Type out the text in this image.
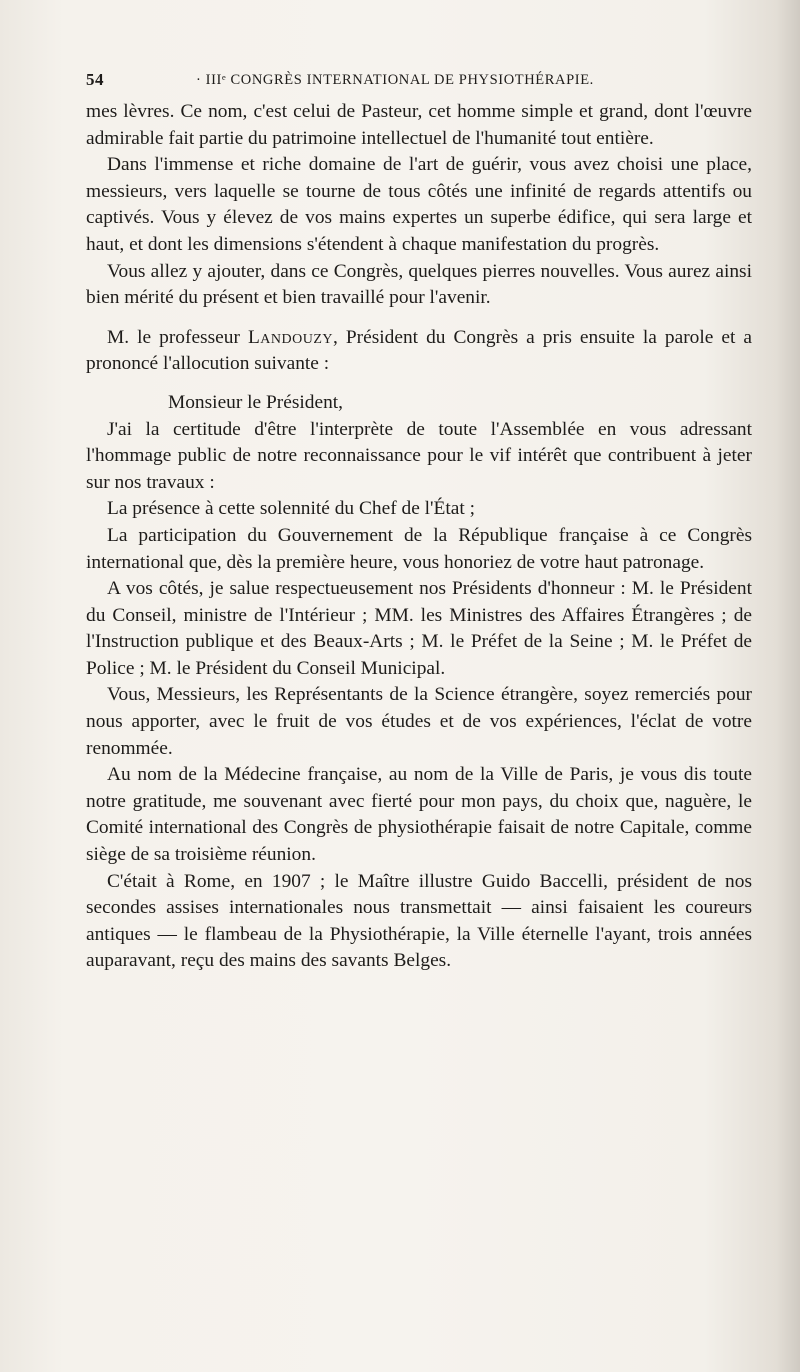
54	· IIIᵉ CONGRÈS INTERNATIONAL DE PHYSIOTHÉRAPIE.

mes lèvres. Ce nom, c'est celui de Pasteur, cet homme simple et grand, dont l'œuvre admirable fait partie du patrimoine intellectuel de l'humanité tout entière.

Dans l'immense et riche domaine de l'art de guérir, vous avez choisi une place, messieurs, vers laquelle se tourne de tous côtés une infinité de regards attentifs ou captivés. Vous y élevez de vos mains expertes un superbe édifice, qui sera large et haut, et dont les dimensions s'étendent à chaque manifestation du progrès.

Vous allez y ajouter, dans ce Congrès, quelques pierres nouvelles. Vous aurez ainsi bien mérité du présent et bien travaillé pour l'avenir.

M. le professeur Landouzy, Président du Congrès a pris ensuite la parole et a prononcé l'allocution suivante :

Monsieur le Président,

J'ai la certitude d'être l'interprète de toute l'Assemblée en vous adressant l'hommage public de notre reconnaissance pour le vif intérêt que contribuent à jeter sur nos travaux :

La présence à cette solennité du Chef de l'État ;

La participation du Gouvernement de la République française à ce Congrès international que, dès la première heure, vous honoriez de votre haut patronage.

A vos côtés, je salue respectueusement nos Présidents d'honneur : M. le Président du Conseil, ministre de l'Intérieur ; MM. les Ministres des Affaires Étrangères ; de l'Instruction publique et des Beaux-Arts ; M. le Préfet de la Seine ; M. le Préfet de Police ; M. le Président du Conseil Municipal.

Vous, Messieurs, les Représentants de la Science étrangère, soyez remerciés pour nous apporter, avec le fruit de vos études et de vos expériences, l'éclat de votre renommée.

Au nom de la Médecine française, au nom de la Ville de Paris, je vous dis toute notre gratitude, me souvenant avec fierté pour mon pays, du choix que, naguère, le Comité international des Congrès de physiothérapie faisait de notre Capitale, comme siège de sa troisième réunion.

C'était à Rome, en 1907 ; le Maître illustre Guido Baccelli, président de nos secondes assises internationales nous transmettait — ainsi faisaient les coureurs antiques — le flambeau de la Physiothérapie, la Ville éternelle l'ayant, trois années auparavant, reçu des mains des savants Belges.
